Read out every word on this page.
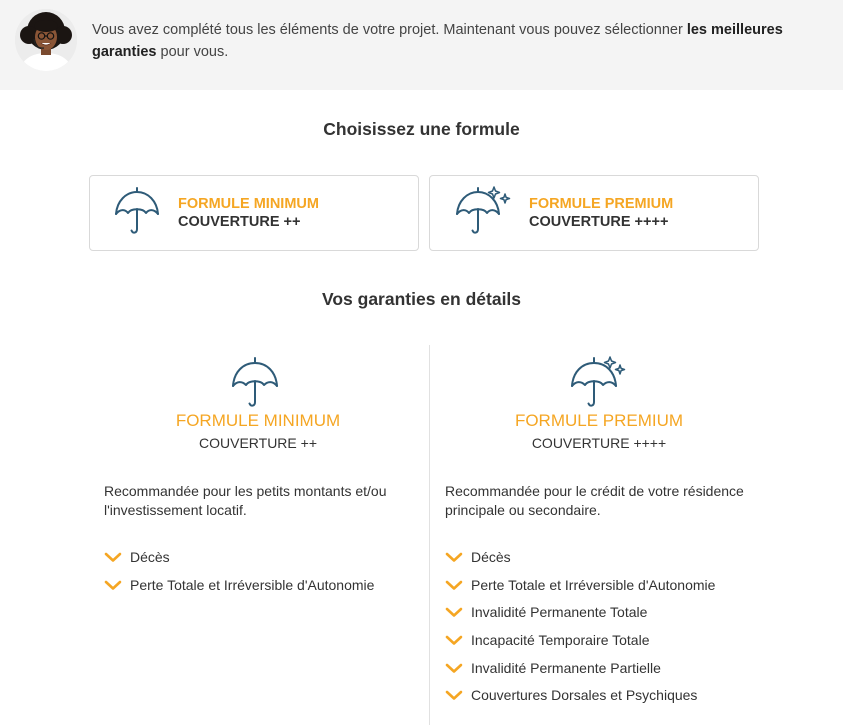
Vous avez complété tous les éléments de votre projet. Maintenant vous pouvez sélectionner les meilleures garanties pour vous.
Choisissez une formule
FORMULE MINIMUM
COUVERTURE ++
FORMULE PREMIUM
COUVERTURE ++++
Vos garanties en détails
FORMULE MINIMUM
COUVERTURE ++

Recommandée pour les petits montants et/ou l'investissement locatif.

Décès
Perte Totale et Irréversible d'Autonomie
FORMULE PREMIUM
COUVERTURE ++++

Recommandée pour le crédit de votre résidence principale ou secondaire.

Décès
Perte Totale et Irréversible d'Autonomie
Invalidité Permanente Totale
Incapacité Temporaire Totale
Invalidité Permanente Partielle
Couvertures Dorsales et Psychiques
